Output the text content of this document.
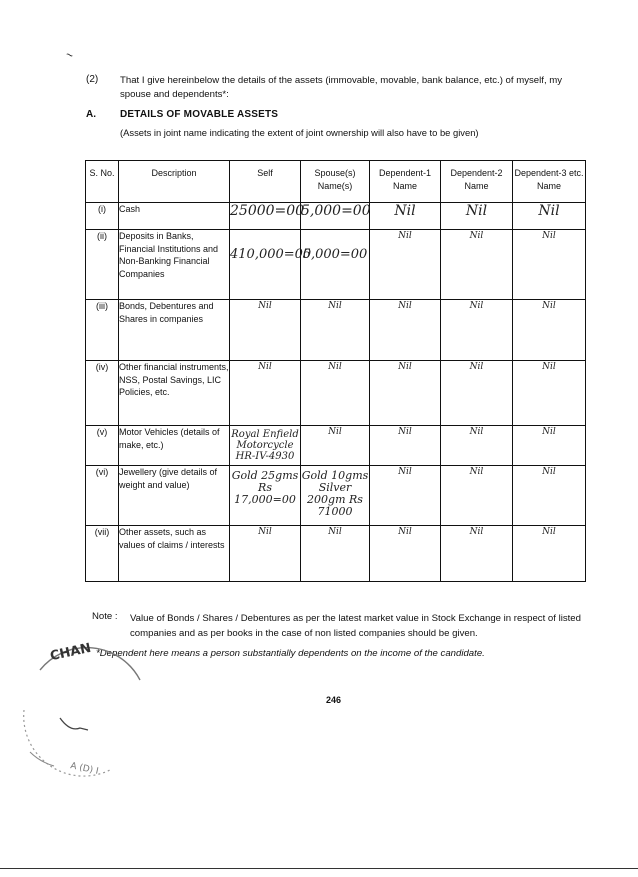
~
(2) That I give hereinbelow the details of the assets (immovable, movable, bank balance, etc.) of myself, my spouse and dependents*:
A. DETAILS OF MOVABLE ASSETS
(Assets in joint name indicating the extent of joint ownership will also have to be given)
S. No.	Description	Self	Spouse(s) Name(s)	Dependent-1 Name	Dependent-2 Name	Dependent-3 etc. Name
(i)	Cash	25000=00	5,000=00	Nil	Nil	Nil
(ii)	Deposits in Banks, Financial Institutions and Non-Banking Financial Companies	410,000=00	5,000=00	Nil	Nil	Nil
(iii)	Bonds, Debentures and Shares in companies	Nil	Nil	Nil	Nil	Nil
(iv)	Other financial instruments, NSS, Postal Savings, LIC Policies, etc.	Nil	Nil	Nil	Nil	Nil
(v)	Motor Vehicles (details of make, etc.)	Royal Enfield Motorcycle HR-IV-4930	Nil	Nil	Nil	Nil
(vi)	Jewellery (give details of weight and value)	Gold 25gms Rs 17,000=00	Gold 10gms Silver 200gm Rs 71000	Nil	Nil	Nil
(vii)	Other assets, such as values of claims / interests	Nil	Nil	Nil	Nil	Nil
Note : Value of Bonds / Shares / Debentures as per the latest market value in Stock Exchange in respect of listed companies and as per books in the case of non listed companies should be given.
*Dependent here means a person substantially dependents on the income of the candidate.
246
A (D) I
CHAN
